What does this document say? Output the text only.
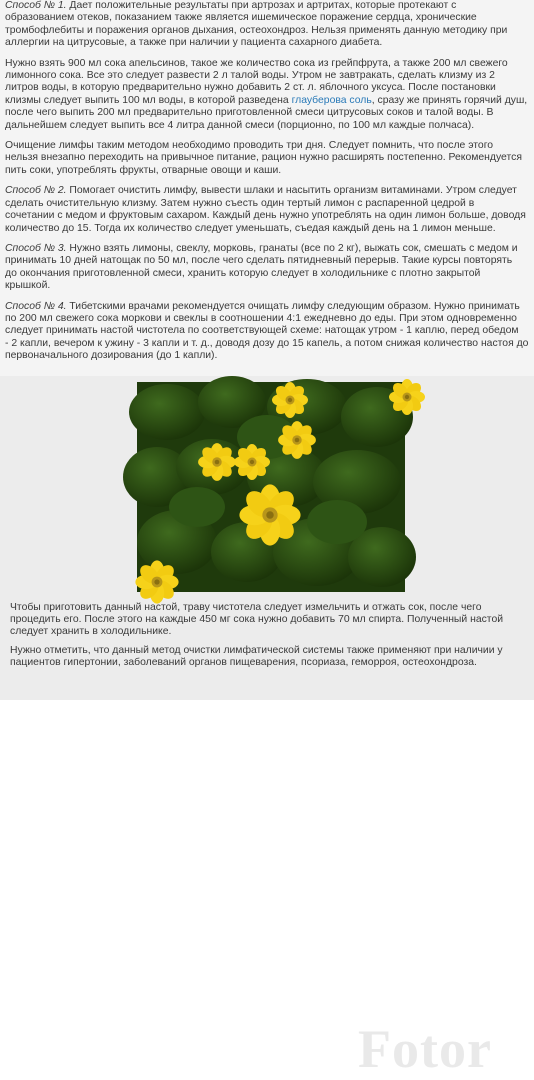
Способ № 1. Дает положительные результаты при артрозах и артритах, которые протекают с
образованием отеков, показанием также является ишемическое поражение сердца, хронические
тромбофлебиты и поражения органов дыхания, остеохондроз. Нельзя применять данную методику при
аллергии на цитрусовые, а также при наличии у пациента сахарного диабета.

Нужно взять 900 мл сока апельсинов, такое же количество сока из грейпфрута, а также 200 мл свежего
лимонного сока. Все это следует развести 2 л талой воды. Утром не завтракать, сделать клизму из 2
литров воды, в которую предварительно нужно добавить 2 ст. л. яблочного уксуса. После постановки
клизмы следует выпить 100 мл воды, в которой разведена глауберова соль, сразу же принять горячий душ,
после чего выпить 200 мл предварительно приготовленной смеси цитрусовых соков и талой воды. В
дальнейшем следует выпить все 4 литра данной смеси (порционно, по 100 мл каждые полчаса).

Очищение лимфы таким методом необходимо проводить три дня. Следует помнить, что после этого
нельзя внезапно переходить на привычное питание, рацион нужно расширять постепенно. Рекомендуется
пить соки, употреблять фрукты, отварные овощи и каши.

Способ № 2. Помогает очистить лимфу, вывести шлаки и насытить организм витаминами. Утром следует
сделать очистительную клизму. Затем нужно съесть один тертый лимон с распаренной цедрой в
сочетании с медом и фруктовым сахаром. Каждый день нужно употреблять на один лимон больше, доводя
количество до 15. Тогда их количество следует уменьшать, съедая каждый день на 1 лимон меньше.

Способ № 3. Нужно взять лимоны, свеклу, морковь, гранаты (все по 2 кг), выжать сок, смешать с медом и
принимать 10 дней натощак по 50 мл, после чего сделать пятидневный перерыв. Такие курсы повторять
до окончания приготовленной смеси, хранить которую следует в холодильнике с плотно закрытой
крышкой.

Способ № 4. Тибетскими врачами рекомендуется очищать лимфу следующим образом. Нужно принимать
по 200 мл свежего сока моркови и свеклы в соотношении 4:1 ежедневно до еды. При этом одновременно
следует принимать настой чистотела по соответствующей схеме: натощак утром - 1 каплю, перед обедом
- 2 капли, вечером к ужину - 3 капли и т. д., доводя дозу до 15 капель, а потом снижая количество настоя до
первоначального дозирования (до 1 капли).

Fotor

Чтобы приготовить данный настой, траву чистотела следует измельчить и отжать сок, после чего
процедить его. После этого на каждые 450 мг сока нужно добавить 70 мл спирта. Полученный настой
следует хранить в холодильнике.

Нужно отметить, что данный метод очистки лимфатической системы также применяют при наличии у
пациентов гипертонии, заболеваний органов пищеварения, псориаза, геморроя, остеохондроза.
